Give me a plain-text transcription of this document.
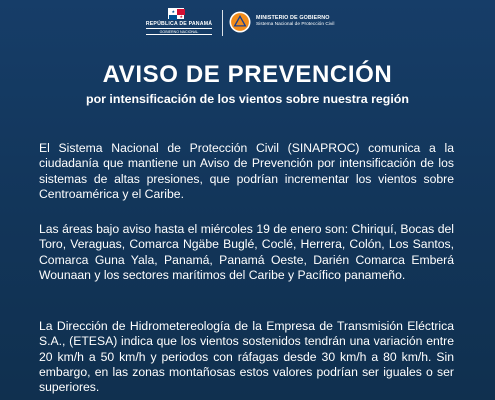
★
★
REPÚBLICA DE PANAMÁ
GOBIERNO NACIONAL
MINISTERIO DE GOBIERNO
Sistema Nacional de Protección Civil
AVISO DE PREVENCIÓN
por intensificación de los vientos sobre nuestra región
El Sistema Nacional de Protección Civil (SINAPROC) comunica a la ciudadanía que mantiene un Aviso de Prevención por intensificación de los sistemas de altas presiones, que podrían incrementar los vientos sobre Centroamérica y el Caribe.
Las áreas bajo aviso hasta el miércoles 19 de enero son: Chiriquí, Bocas del Toro, Veraguas, Comarca Ngäbe Buglé, Coclé, Herrera, Colón, Los Santos, Comarca Guna Yala, Panamá, Panamá Oeste, Darién Comarca Emberá Wounaan y los sectores marítimos del Caribe y Pacífico panameño.
La Dirección de Hidrometereología de la Empresa de Transmisión Eléctrica S.A., (ETESA) indica que los vientos sostenidos tendrán una variación entre 20 km/h a 50 km/h y periodos con ráfagas desde 30 km/h a 80 km/h. Sin embargo, en las zonas montañosas estos valores podrían ser iguales o ser superiores.
